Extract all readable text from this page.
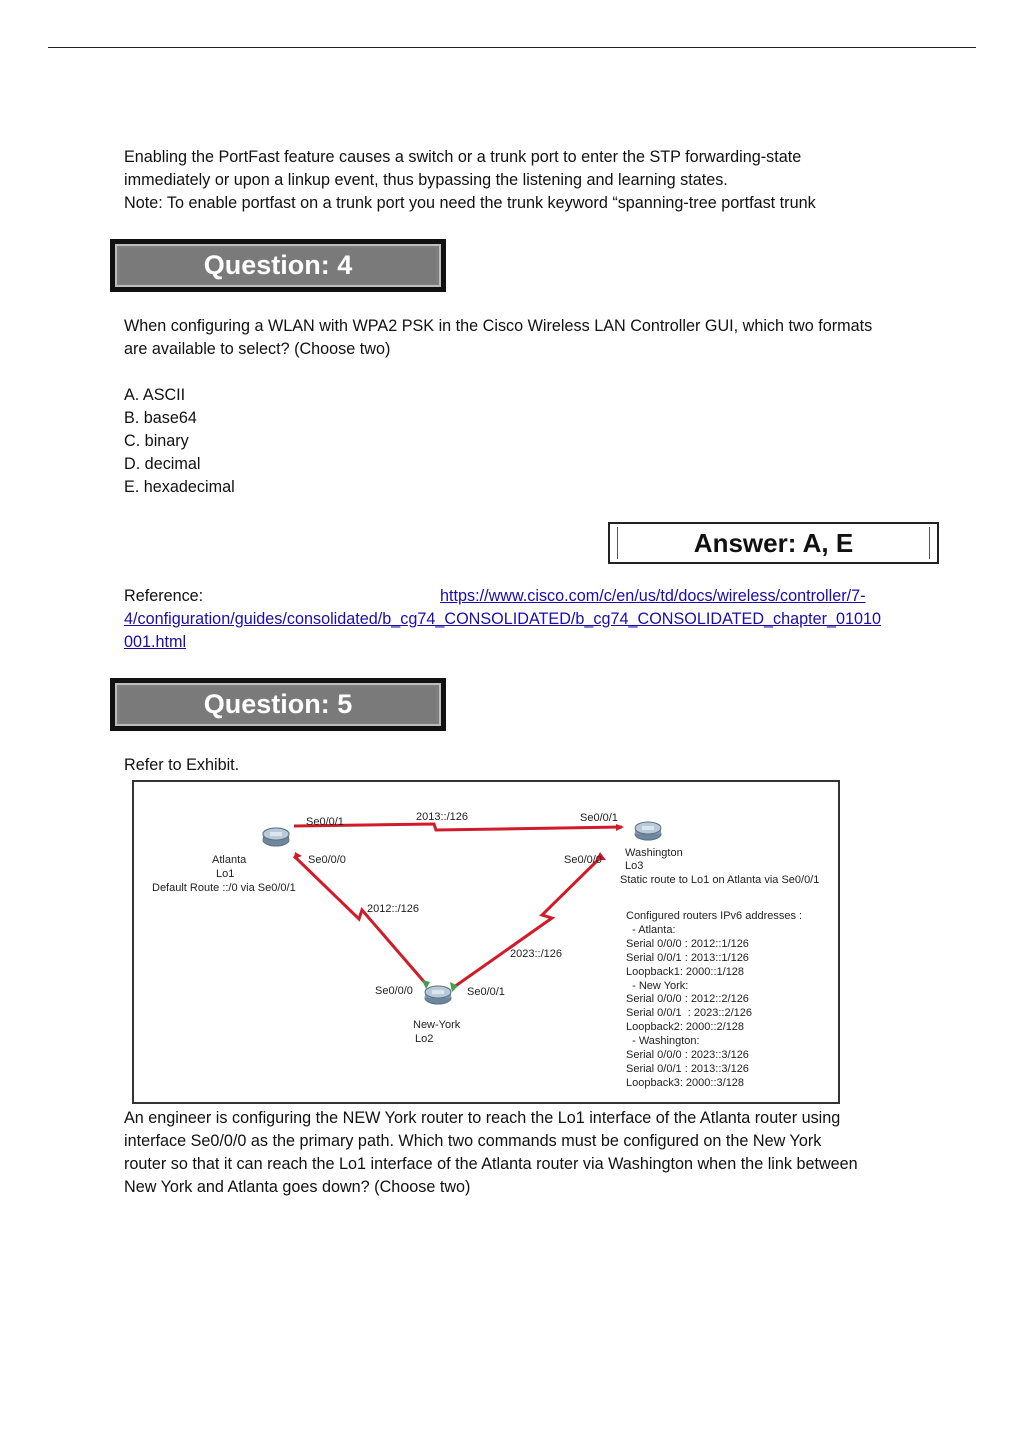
Enabling the PortFast feature causes a switch or a trunk port to enter the STP forwarding-state

immediately or upon a linkup event, thus bypassing the listening and learning states.

Note: To enable portfast on a trunk port you need the trunk keyword “spanning-tree portfast trunk

Question: 4

When configuring a WLAN with WPA2 PSK in the Cisco Wireless LAN Controller GUI, which two formats

are available to select? (Choose two)

A. ASCII

B. base64

C. binary

D. decimal

E. hexadecimal

Answer: A, E

Reference:	https://www.cisco.com/c/en/us/td/docs/wireless/controller/7-

4/configuration/guides/consolidated/b_cg74_CONSOLIDATED/b_cg74_CONSOLIDATED_chapter_01010

001.html

Question: 5

Refer to Exhibit.

Se0/0/1
Se0/0/0
Atlanta
Lo1
Default Route ::/0 via Se0/0/1
2013::/126	Se0/0/1
Se0/0/0
Washington
Lo3
Static route to Lo1 on Atlanta via Se0/0/1
2012::/126
2023::/126
Se0/0/0	Se0/0/1
New-York
Lo2
Configured routers IPv6 addresses :
- Atlanta:
Serial 0/0/0 : 2012::1/126
Serial 0/0/1 : 2013::1/126
Loopback1: 2000::1/128
- New York:
Serial 0/0/0 : 2012::2/126
Serial 0/0/1  : 2023::2/126
Loopback2: 2000::2/128
- Washington:
Serial 0/0/0 : 2023::3/126
Serial 0/0/1 : 2013::3/126
Loopback3: 2000::3/128

An engineer is configuring the NEW York router to reach the Lo1 interface of the Atlanta router using

interface Se0/0/0 as the primary path. Which two commands must be configured on the New York

router so that it can reach the Lo1 interface of the Atlanta router via Washington when the link between

New York and Atlanta goes down? (Choose two)
